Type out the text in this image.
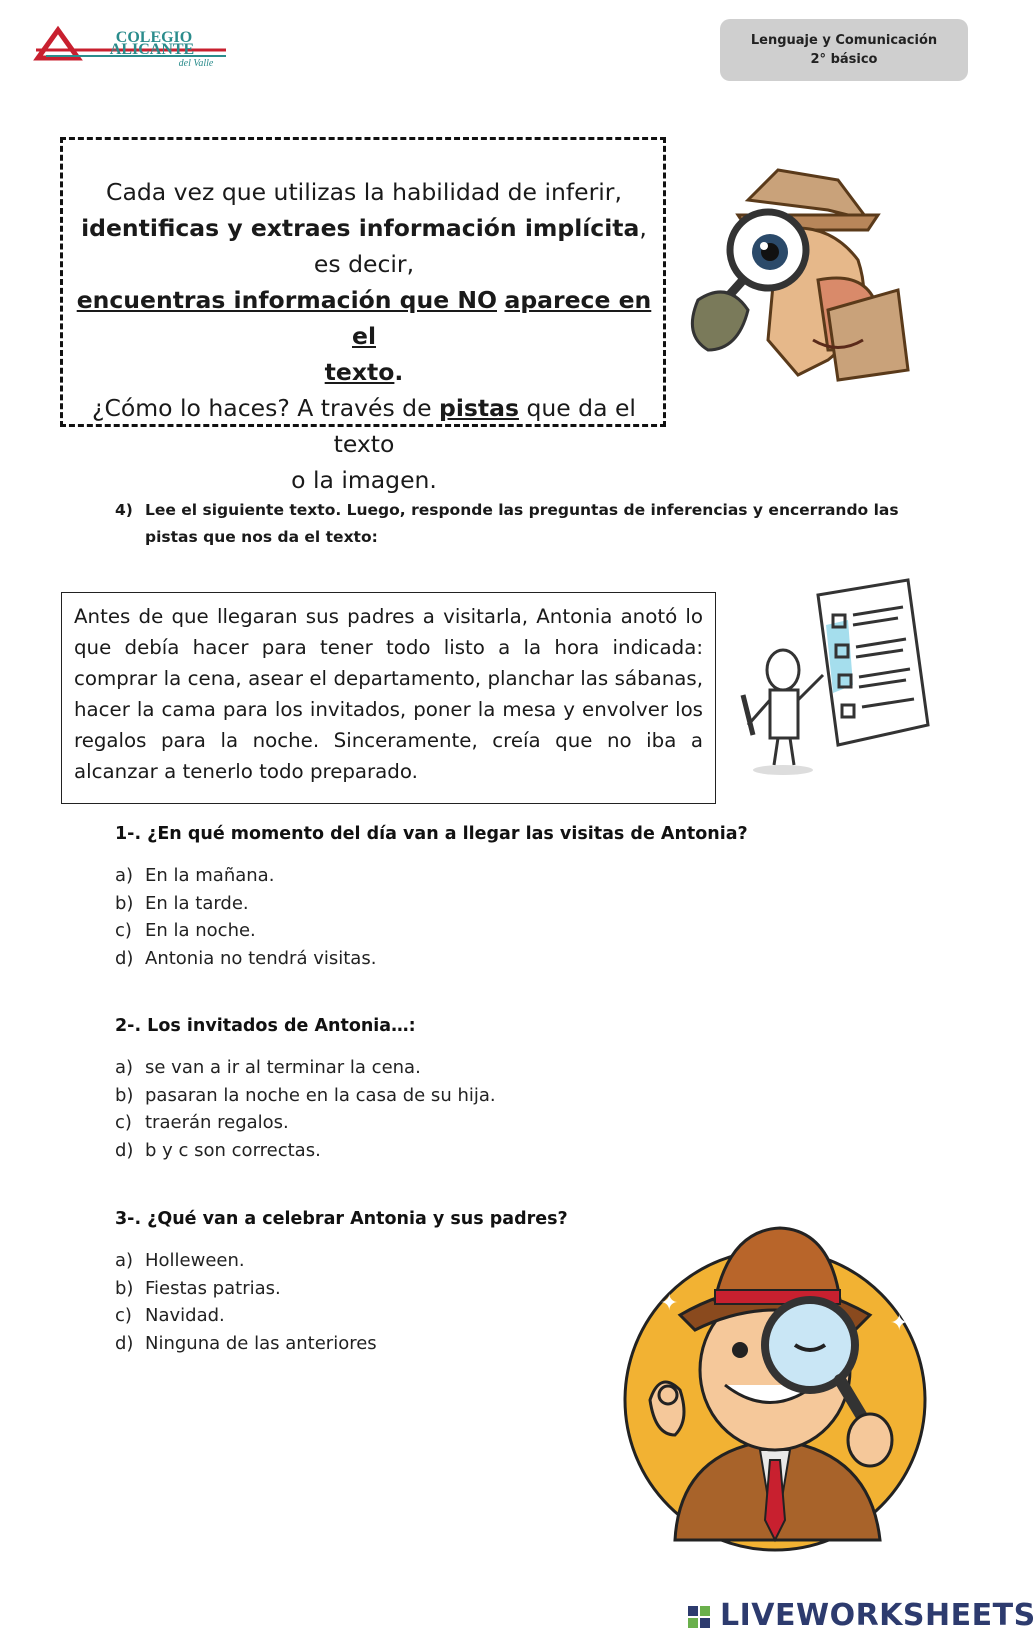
COLEGIO
ALICANTE
del Valle
Lenguaje y Comunicación
2° básico
Cada vez que utilizas la habilidad de inferir,
identificas y extraes información implícita, es decir,
encuentras información que NO aparece en el
texto.
¿Cómo lo haces? A través de pistas que da el texto
o la imagen.
4) Lee el siguiente texto. Luego, responde las preguntas de inferencias y encerrando las pistas que nos da el texto:
Antes de que llegaran sus padres a visitarla, Antonia anotó lo que debía hacer para tener todo listo a la hora indicada: comprar la cena, asear el departamento, planchar las sábanas, hacer la cama para los invitados, poner la mesa y envolver los regalos para la noche. Sinceramente, creía que no iba a alcanzar a tenerlo todo preparado.
1-. ¿En qué momento del día van a llegar las visitas de Antonia?
a) En la mañana.
b) En la tarde.
c) En la noche.
d) Antonia no tendrá visitas.
2-. Los invitados de Antonia…:
a) se van a ir al terminar la cena.
b) pasaran la noche en la casa de su hija.
c) traerán regalos.
d) b y c son correctas.
3-. ¿Qué van a celebrar Antonia y sus padres?
a) Holleween.
b) Fiestas patrias.
c) Navidad.
d) Ninguna de las anteriores
✦
✦
LIVEWORKSHEETS
